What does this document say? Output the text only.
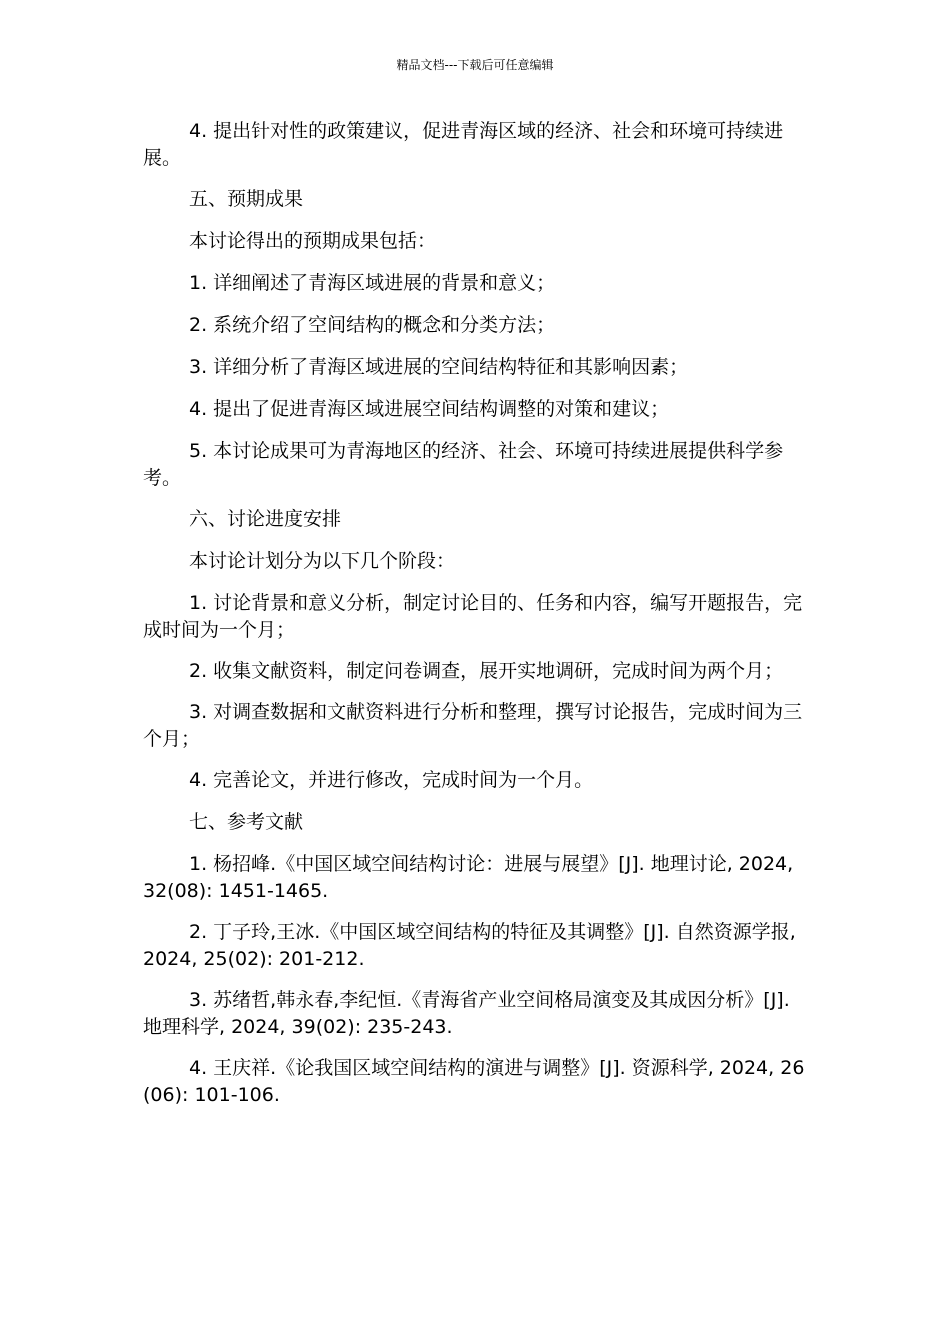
精品文档---下载后可任意编辑

4. 提出针对性的政策建议，促进青海区域的经济、社会和环境可持续进展。

五、预期成果

本讨论得出的预期成果包括：

1. 详细阐述了青海区域进展的背景和意义；

2. 系统介绍了空间结构的概念和分类方法；

3. 详细分析了青海区域进展的空间结构特征和其影响因素；

4. 提出了促进青海区域进展空间结构调整的对策和建议；

5. 本讨论成果可为青海地区的经济、社会、环境可持续进展提供科学参考。

六、讨论进度安排

本讨论计划分为以下几个阶段：

1. 讨论背景和意义分析，制定讨论目的、任务和内容，编写开题报告，完成时间为一个月；

2. 收集文献资料，制定问卷调查，展开实地调研，完成时间为两个月；

3. 对调查数据和文献资料进行分析和整理，撰写讨论报告，完成时间为三个月；

4. 完善论文，并进行修改，完成时间为一个月。

七、参考文献

1. 杨招峰.《中国区域空间结构讨论：进展与展望》[J]. 地理讨论, 2024, 32(08): 1451-1465.

2. 丁子玲,王冰.《中国区域空间结构的特征及其调整》[J]. 自然资源学报, 2024, 25(02): 201-212.

3. 苏绪哲,韩永春,李纪恒.《青海省产业空间格局演变及其成因分析》[J]. 地理科学, 2024, 39(02): 235-243.

4. 王庆祥.《论我国区域空间结构的演进与调整》[J]. 资源科学, 2024, 26(06): 101-106.
